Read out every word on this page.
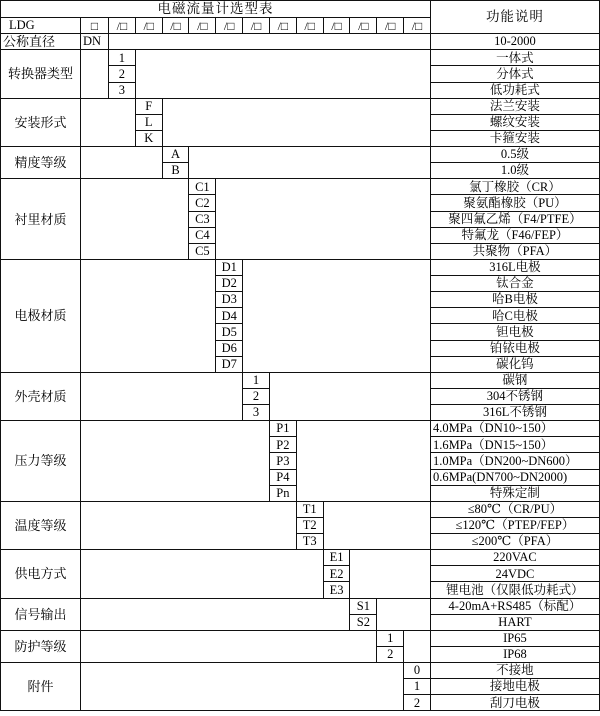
电磁流量计选型表
功能说明
LDG	□
公称直径	DN	10-2000
/□	/□	/□	/□	/□	/□	/□	/□	/□	/□	/□	/□
转换器类型
1	一体式
2	分体式
3	低功耗式
安装形式
F	法兰安装
L	螺纹安装
K	卡箍安装
精度等级
A	0.5级
B	1.0级
衬里材质
C1	氯丁橡胶（CR）
C2	聚氨酯橡胶（PU）
C3	聚四氟乙烯（F4/PTFE）
C4	特氟龙（F46/FEP）
C5	共聚物（PFA）
电极材质
D1	316L电极
D2	钛合金
D3	哈B电极
D4	哈C电极
D5	钽电极
D6	铂铱电极
D7	碳化钨
外壳材质
1	碳钢
2	304不锈钢
3	316L不锈钢
压力等级
P1	4.0MPa（DN10~150）
P2	1.6MPa（DN15~150）
P3	1.0MPa（DN200~DN600）
P4	0.6MPa(DN700~DN2000)
Pn	特殊定制
温度等级
T1	≤80℃（CR/PU）
T2	≤120℃（PTEP/FEP）
T3	≤200℃（PFA）
供电方式
E1	220VAC
E2	24VDC
E3	锂电池（仅限低功耗式）
信号输出
S1	4-20mA+RS485（标配）
S2	HART
防护等级
1	IP65
2	IP68
附件
0	不接地
1	接地电极
2	刮刀电极
